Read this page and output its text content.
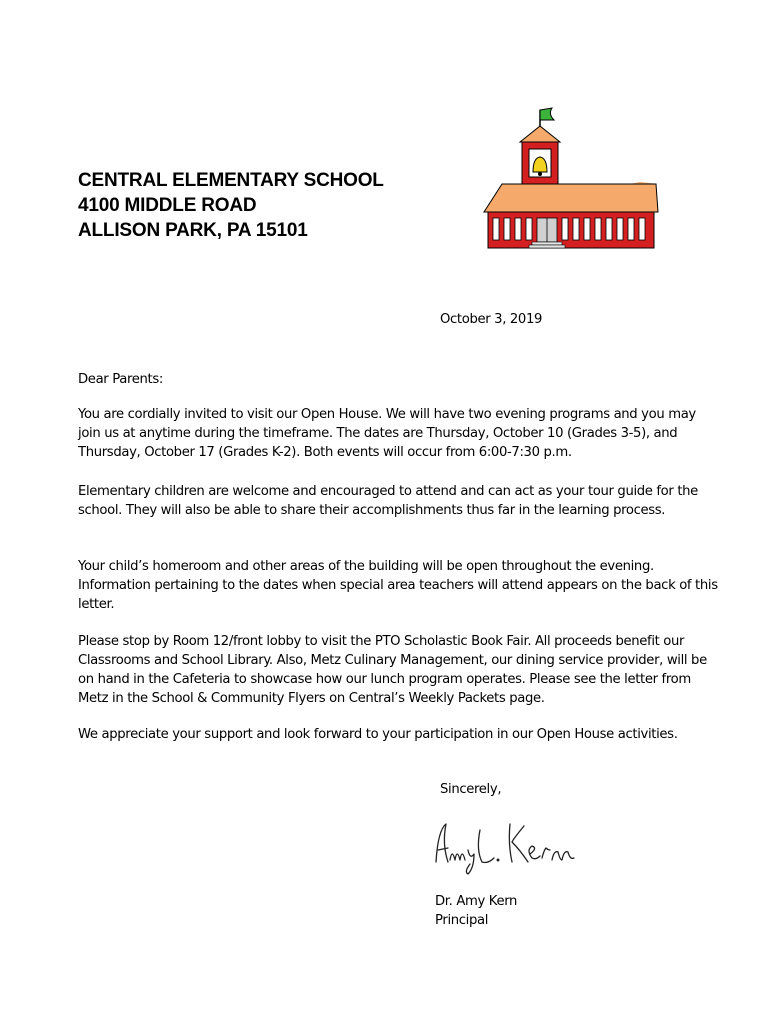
CENTRAL ELEMENTARY SCHOOL
4100 MIDDLE ROAD
ALLISON PARK, PA 15101
October 3, 2019
Dear Parents:
You are cordially invited to visit our Open House. We will have two evening programs and you may join us at anytime during the timeframe. The dates are Thursday, October 10 (Grades 3-5), and Thursday, October 17 (Grades K-2). Both events will occur from 6:00-7:30 p.m.
Elementary children are welcome and encouraged to attend and can act as your tour guide for the school. They will also be able to share their accomplishments thus far in the learning process.
Your child’s homeroom and other areas of the building will be open throughout the evening. Information pertaining to the dates when special area teachers will attend appears on the back of this letter.
Please stop by Room 12/front lobby to visit the PTO Scholastic Book Fair. All proceeds benefit our Classrooms and School Library. Also, Metz Culinary Management, our dining service provider, will be on hand in the Cafeteria to showcase how our lunch program operates. Please see the letter from Metz in the School & Community Flyers on Central’s Weekly Packets page.
We appreciate your support and look forward to your participation in our Open House activities.
Sincerely,
Dr. Amy Kern
Principal
